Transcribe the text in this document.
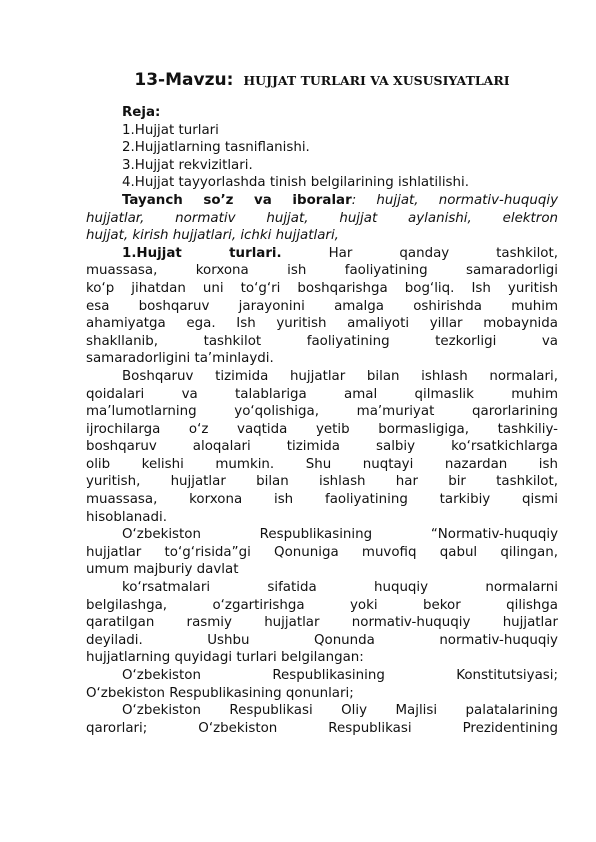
13-Mavzu: HUJJAT TURLARI VA XUSUSIYATLARI
Reja:
1.Hujjat turlari
2.Hujjatlarning tasniflanishi.
3.Hujjat rekvizitlari.
4.Hujjat tayyorlashda tinish belgilarining ishlatilishi.
Tayanch so’z va iboralar: hujjat, normativ-huquqiy
hujjatlar, normativ hujjat, hujjat aylanishi, elektron
hujjat, kirish hujjatlari, ichki hujjatlari,
1.Hujjat turlari.	Har qanday tashkilot,
muassasa, korxona ish faoliyatining samaradorligi
ko‘p jihatdan uni to‘g‘ri boshqarishga bog‘liq. Ish yuritish
esa boshqaruv jarayonini amalga oshirishda muhim
ahamiyatga ega. Ish yuritish amaliyoti yillar mobaynida
shakllanib, tashkilot faoliyatining tezkorligi va
samaradorligini ta’minlaydi.
Boshqaruv tizimida hujjatlar bilan ishlash normalari,
qoidalari va talablariga amal qilmaslik muhim
ma’lumotlarning yo‘qolishiga, ma’muriyat qarorlarining
ijrochilarga o‘z vaqtida yetib bormasligiga, tashkiliy-
boshqaruv aloqalari tizimida salbiy ko‘rsatkichlarga
olib kelishi mumkin. Shu nuqtayi nazardan ish
yuritish, hujjatlar bilan ishlash har bir tashkilot,
muassasa, korxona ish faoliyatining tarkibiy qismi
hisoblanadi.
O‘zbekiston Respublikasining “Normativ-huquqiy
hujjatlar to‘g‘risida”gi Qonuniga muvofiq qabul qilingan,
umum majburiy davlat
ko‘rsatmalari sifatida huquqiy normalarni
belgilashga, o‘zgartirishga yoki bekor qilishga
qaratilgan rasmiy hujjatlar normativ-huquqiy hujjatlar
deyiladi. Ushbu Qonunda normativ-huquqiy
hujjatlarning quyidagi turlari belgilangan:
O‘zbekiston Respublikasining Konstitutsiyasi;
O‘zbekiston Respublikasining qonunlari;
O‘zbekiston Respublikasi Oliy Majlisi palatalarining
qarorlari; O‘zbekiston Respublikasi Prezidentining
